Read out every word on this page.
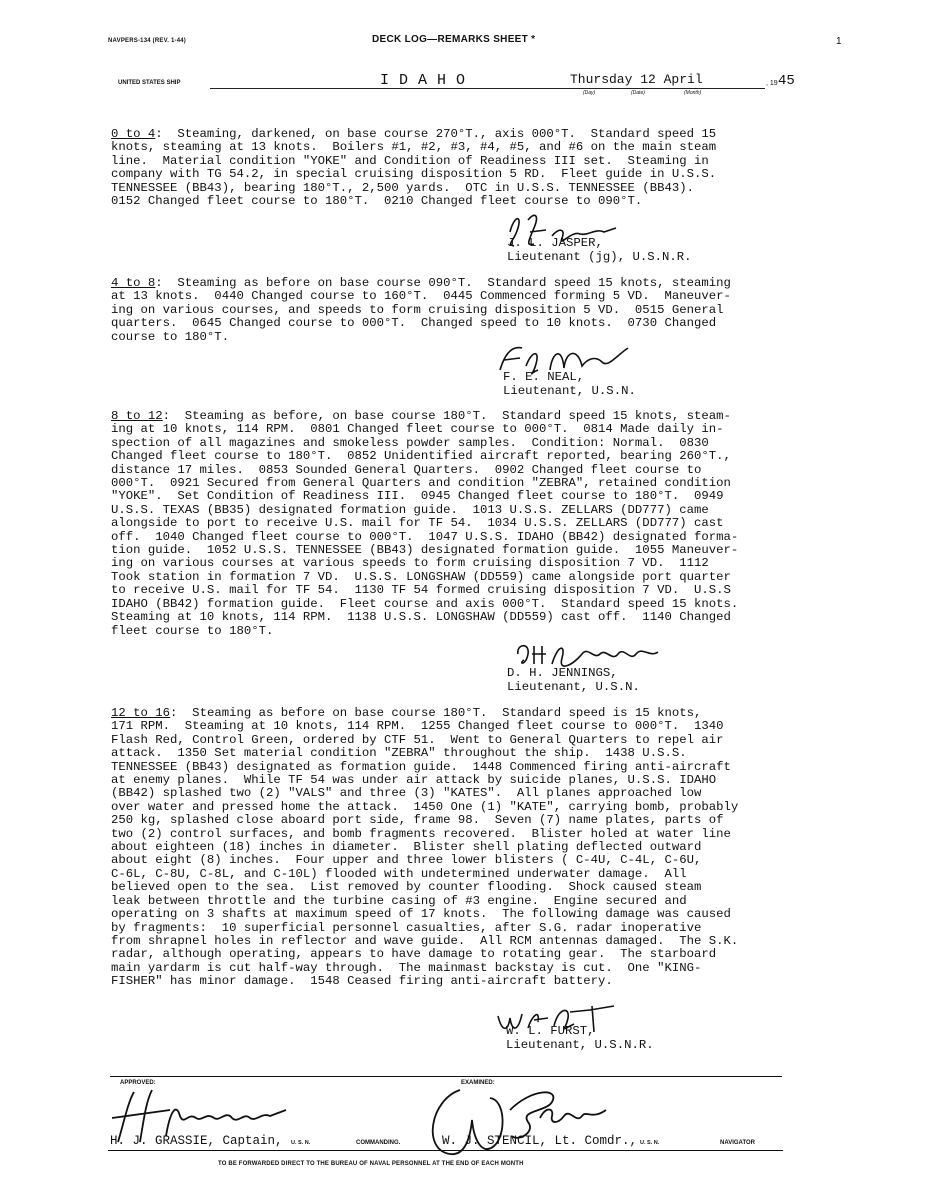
NAVPERS-134 (REV. 1-44)	DECK LOG—REMARKS SHEET *	1
UNITED STATES SHIP	IDAHO	Thursday 12 April	, 19 45
(Day)	(Date)	(Month)
0 to 4:  Steaming, darkened, on base course 270°T., axis 000°T.  Standard speed 15
knots, steaming at 13 knots.  Boilers #1, #2, #3, #4, #5, and #6 on the main steam
line.  Material condition "YOKE" and Condition of Readiness III set.  Steaming in
company with TG 54.2, in special cruising disposition 5 RD.  Fleet guide in U.S.S.
TENNESSEE (BB43), bearing 180°T., 2,500 yards.  OTC in U.S.S. TENNESSEE (BB43).
0152 Changed fleet course to 180°T.  0210 Changed fleet course to 090°T.
J. L. JASPER,
Lieutenant (jg), U.S.N.R.
4 to 8:  Steaming as before on base course 090°T.  Standard speed 15 knots, steaming
at 13 knots.  0440 Changed course to 160°T.  0445 Commenced forming 5 VD.  Maneuver-
ing on various courses, and speeds to form cruising disposition 5 VD.  0515 General
quarters.  0645 Changed course to 000°T.  Changed speed to 10 knots.  0730 Changed
course to 180°T.
F. E. NEAL,
Lieutenant, U.S.N.
8 to 12:  Steaming as before, on base course 180°T.  Standard speed 15 knots, steam-
ing at 10 knots, 114 RPM.  0801 Changed fleet course to 000°T.  0814 Made daily in-
spection of all magazines and smokeless powder samples.  Condition: Normal.  0830
Changed fleet course to 180°T.  0852 Unidentified aircraft reported, bearing 260°T.,
distance 17 miles.  0853 Sounded General Quarters.  0902 Changed fleet course to
000°T.  0921 Secured from General Quarters and condition "ZEBRA", retained condition
"YOKE".  Set Condition of Readiness III.  0945 Changed fleet course to 180°T.  0949
U.S.S. TEXAS (BB35) designated formation guide.  1013 U.S.S. ZELLARS (DD777) came
alongside to port to receive U.S. mail for TF 54.  1034 U.S.S. ZELLARS (DD777) cast
off.  1040 Changed fleet course to 000°T.  1047 U.S.S. IDAHO (BB42) designated forma-
tion guide.  1052 U.S.S. TENNESSEE (BB43) designated formation guide.  1055 Maneuver-
ing on various courses at various speeds to form cruising disposition 7 VD.  1112
Took station in formation 7 VD.  U.S.S. LONGSHAW (DD559) came alongside port quarter
to receive U.S. mail for TF 54.  1130 TF 54 formed cruising disposition 7 VD.  U.S.S
IDAHO (BB42) formation guide.  Fleet course and axis 000°T.  Standard speed 15 knots.
Steaming at 10 knots, 114 RPM.  1138 U.S.S. LONGSHAW (DD559) cast off.  1140 Changed
fleet course to 180°T.
D. H. JENNINGS,
Lieutenant, U.S.N.
12 to 16:  Steaming as before on base course 180°T.  Standard speed is 15 knots,
171 RPM.  Steaming at 10 knots, 114 RPM.  1255 Changed fleet course to 000°T.  1340
Flash Red, Control Green, ordered by CTF 51.  Went to General Quarters to repel air
attack.  1350 Set material condition "ZEBRA" throughout the ship.  1438 U.S.S.
TENNESSEE (BB43) designated as formation guide.  1448 Commenced firing anti-aircraft
at enemy planes.  While TF 54 was under air attack by suicide planes, U.S.S. IDAHO
(BB42) splashed two (2) "VALS" and three (3) "KATES".  All planes approached low
over water and pressed home the attack.  1450 One (1) "KATE", carrying bomb, probably
250 kg, splashed close aboard port side, frame 98.  Seven (7) name plates, parts of
two (2) control surfaces, and bomb fragments recovered.  Blister holed at water line
about eighteen (18) inches in diameter.  Blister shell plating deflected outward
about eight (8) inches.  Four upper and three lower blisters ( C-4U, C-4L, C-6U,
C-6L, C-8U, C-8L, and C-10L) flooded with undetermined underwater damage.  All
believed open to the sea.  List removed by counter flooding.  Shock caused steam
leak between throttle and the turbine casing of #3 engine.  Engine secured and
operating on 3 shafts at maximum speed of 17 knots.  The following damage was caused
by fragments:  10 superficial personnel casualties, after S.G. radar inoperative
from shrapnel holes in reflector and wave guide.  All RCM antennas damaged.  The S.K.
radar, although operating, appears to have damage to rotating gear.  The starboard
main yardarm is cut half-way through.  The mainmast backstay is cut.  One "KING-
FISHER" has minor damage.  1548 Ceased firing anti-aircraft battery.
W. L. FURST,
Lieutenant, U.S.N.R.
APPROVED:	EXAMINED:
H. J. GRASSIE, Captain, U. S. N.	COMMANDING.	W. J. STENCIL, Lt. Comdr., U. S. N.	NAVIGATOR
TO BE FORWARDED DIRECT TO THE BUREAU OF NAVAL PERSONNEL AT THE END OF EACH MONTH
